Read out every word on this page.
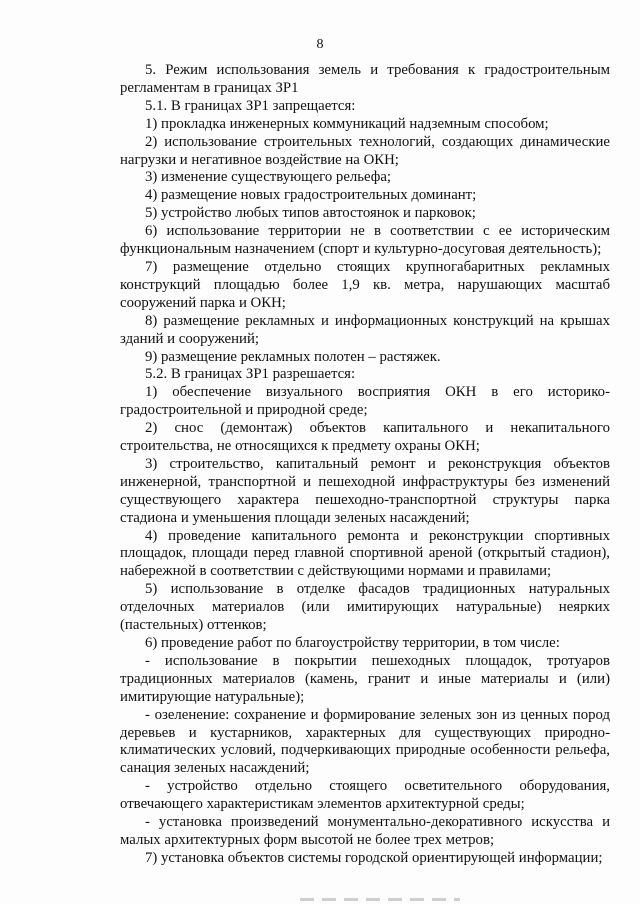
8

5. Режим использования земель и требования к градостроительным регламентам в границах ЗР1

5.1. В границах ЗР1 запрещается:

1) прокладка инженерных коммуникаций надземным способом;

2) использование строительных технологий, создающих динамические нагрузки и негативное воздействие на ОКН;

3) изменение существующего рельефа;

4) размещение новых градостроительных доминант;

5) устройство любых типов автостоянок и парковок;

6) использование территории не в соответствии с ее историческим функциональным назначением (спорт и культурно-досуговая деятельность);

7) размещение отдельно стоящих крупногабаритных рекламных конструкций площадью более 1,9 кв. метра, нарушающих масштаб сооружений парка и ОКН;

8) размещение рекламных и информационных конструкций на крышах зданий и сооружений;

9) размещение рекламных полотен – растяжек.

5.2. В границах ЗР1 разрешается:

1) обеспечение визуального восприятия ОКН в его историко-градостроительной и природной среде;

2) снос (демонтаж) объектов капитального и некапитального строительства, не относящихся к предмету охраны ОКН;

3) строительство, капитальный ремонт и реконструкция объектов инженерной, транспортной и пешеходной инфраструктуры без изменений существующего характера пешеходно-транспортной структуры парка стадиона и уменьшения площади зеленых насаждений;

4) проведение капитального ремонта и реконструкции спортивных площадок, площади перед главной спортивной ареной (открытый стадион), набережной в соответствии с действующими нормами и правилами;

5) использование в отделке фасадов традиционных натуральных отделочных материалов (или имитирующих натуральные) неярких (пастельных) оттенков;

6) проведение работ по благоустройству территории, в том числе:

- использование в покрытии пешеходных площадок, тротуаров традиционных материалов (камень, гранит и иные материалы и (или) имитирующие натуральные);

- озеленение: сохранение и формирование зеленых зон из ценных пород деревьев и кустарников, характерных для существующих природно-климатических условий, подчеркивающих природные особенности рельефа, санация зеленых насаждений;

- устройство отдельно стоящего осветительного оборудования, отвечающего характеристикам элементов архитектурной среды;

- установка произведений монументально-декоративного искусства и малых архитектурных форм высотой не более трех метров;

7) установка объектов системы городской ориентирующей информации;
